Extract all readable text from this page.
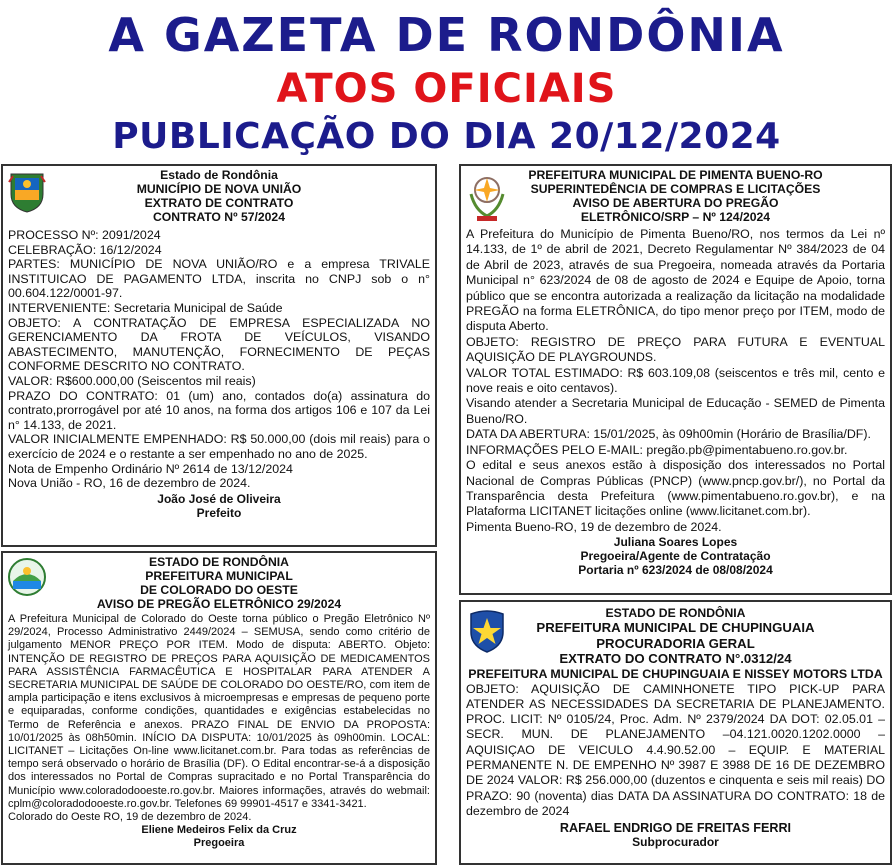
A GAZETA DE RONDÔNIA
ATOS OFICIAIS
PUBLICAÇÃO DO DIA 20/12/2024
Estado de Rondônia
MUNICÍPIO DE NOVA UNIÃO
EXTRATO DE CONTRATO
CONTRATO Nº 57/2024

PROCESSO Nº: 2091/2024

CELEBRAÇÃO: 16/12/2024

PARTES: MUNICÍPIO DE NOVA UNIÃO/RO e a empresa TRIVALE INSTITUICAO DE PAGAMENTO LTDA, inscrita no CNPJ sob o n° 00.604.122/0001-97.

INTERVENIENTE: Secretaria Municipal de Saúde

OBJETO: A CONTRATAÇÃO DE EMPRESA ESPECIALIZADA NO GERENCIAMENTO DA FROTA DE VEÍCULOS, VISANDO ABASTECIMENTO, MANUTENÇÃO, FORNECIMENTO DE PEÇAS CONFORME DESCRITO NO CONTRATO.

VALOR: R$600.000,00 (Seiscentos mil reais)

PRAZO DO CONTRATO: 01 (um) ano, contados do(a) assinatura do contrato,prorrogável por até 10 anos, na forma dos artigos 106 e 107 da Lei n° 14.133, de 2021.

VALOR INICIALMENTE EMPENHADO: R$ 50.000,00 (dois mil reais) para o exercício de 2024 e o restante a ser empenhado no ano de 2025.

Nota de Empenho Ordinário Nº 2614 de 13/12/2024

Nova União - RO, 16 de dezembro de 2024.

João José de Oliveira
Prefeito
ESTADO DE RONDÔNIA
PREFEITURA MUNICIPAL
DE COLORADO DO OESTE
AVISO DE PREGÃO ELETRÔNICO 29/2024
A Prefeitura Municipal de Colorado do Oeste torna público o Pregão Eletrônico Nº 29/2024, Processo Administrativo 2449/2024 – SEMUSA, sendo como critério de julgamento MENOR PREÇO POR ITEM. Modo de disputa: ABERTO. Objeto: INTENÇÃO DE REGISTRO DE PREÇOS PARA AQUISIÇÃO DE MEDICAMENTOS PARA ASSISTÊNCIA FARMACÊUTICA E HOSPITALAR PARA ATENDER A SECRETARIA MUNICIPAL DE SAÚDE DE COLORADO DO OESTE/RO, com item de ampla participação e itens exclusivos à microempresas e empresas de pequeno porte e equiparadas, conforme condições, quantidades e exigências estabelecidas no Termo de Referência e anexos. PRAZO FINAL DE ENVIO DA PROPOSTA: 10/01/2025 às 08h50min. INÍCIO DA DISPUTA: 10/01/2025 às 09h00min. LOCAL: LICITANET – Licitações On-line www.licitanet.com.br. Para todas as referências de tempo será observado o horário de Brasília (DF). O Edital encontrar-se-á a disposição dos interessados no Portal de Compras supracitado e no Portal Transparência do Município www.coloradodooeste.ro.gov.br. Maiores informações, através do webmail: cplm@coloradodooeste.ro.gov.br. Telefones 69 99901-4517 e 3341-3421.
Colorado do Oeste RO, 19 de dezembro de 2024.
Eliene Medeiros Felix da Cruz
Pregoeira
PREFEITURA MUNICIPAL DE PIMENTA BUENO-RO
SUPERINTEDÊNCIA DE COMPRAS E LICITAÇÕES
AVISO DE ABERTURA DO PREGÃO
ELETRÔNICO/SRP – Nº 124/2024

A Prefeitura do Município de Pimenta Bueno/RO, nos termos da Lei nº 14.133, de 1º de abril de 2021, Decreto Regulamentar Nº 384/2023 de 04 de Abril de 2023, através de sua Pregoeira, nomeada através da Portaria Municipal n° 623/2024 de 08 de agosto de 2024 e Equipe de Apoio, torna público que se encontra autorizada a realização da licitação na modalidade PREGÃO na forma ELETRÔNICA, do tipo menor preço por ITEM, modo de disputa Aberto.

OBJETO: REGISTRO DE PREÇO PARA FUTURA E EVENTUAL AQUISIÇÃO DE PLAYGROUNDS.

VALOR TOTAL ESTIMADO: R$ 603.109,08 (seiscentos e três mil, cento e nove reais e oito centavos).

Visando atender a Secretaria Municipal de Educação - SEMED de Pimenta Bueno/RO.

DATA DA ABERTURA: 15/01/2025, às 09h00min (Horário de Brasília/DF).

INFORMAÇÕES PELO E-MAIL: pregão.pb@pimentabueno.ro.gov.br.

O edital e seus anexos estão à disposição dos interessados no Portal Nacional de Compras Públicas (PNCP) (www.pncp.gov.br/), no Portal da Transparência desta Prefeitura (www.pimentabueno.ro.gov.br), e na Plataforma LICITANET licitações online (www.licitanet.com.br).

Pimenta Bueno-RO, 19 de dezembro de 2024.

Juliana Soares Lopes
Pregoeira/Agente de Contratação
Portaria nº 623/2024 de 08/08/2024
ESTADO DE RONDÔNIA
PREFEITURA MUNICIPAL DE CHUPINGUAIA
PROCURADORIA GERAL
EXTRATO DO CONTRATO N°.0312/24
PREFEITURA MUNICIPAL DE CHUPINGUAIA E NISSEY MOTORS LTDA
OBJETO: AQUISIÇÃO DE CAMINHONETE TIPO PICK-UP PARA ATENDER AS NECESSIDADES DA SECRETARIA DE PLANEJAMENTO. PROC. LICIT: Nº 0105/24, Proc. Adm. Nº 2379/2024 DA DOT: 02.05.01 – SECR. MUN. DE PLANEJAMENTO –04.121.0020.1202.0000 – AQUISIÇAO DE VEICULO 4.4.90.52.00 – EQUIP. E MATERIAL PERMANENTE N. DE EMPENHO Nº 3987 E 3988 DE 16 DE DEZEMBRO DE 2024 VALOR: R$ 256.000,00 (duzentos e cinquenta e seis mil reais) DO PRAZO: 90 (noventa) dias DATA DA ASSINATURA DO CONTRATO: 18 de dezembro de 2024
RAFAEL ENDRIGO DE FREITAS FERRI
Subprocurador
